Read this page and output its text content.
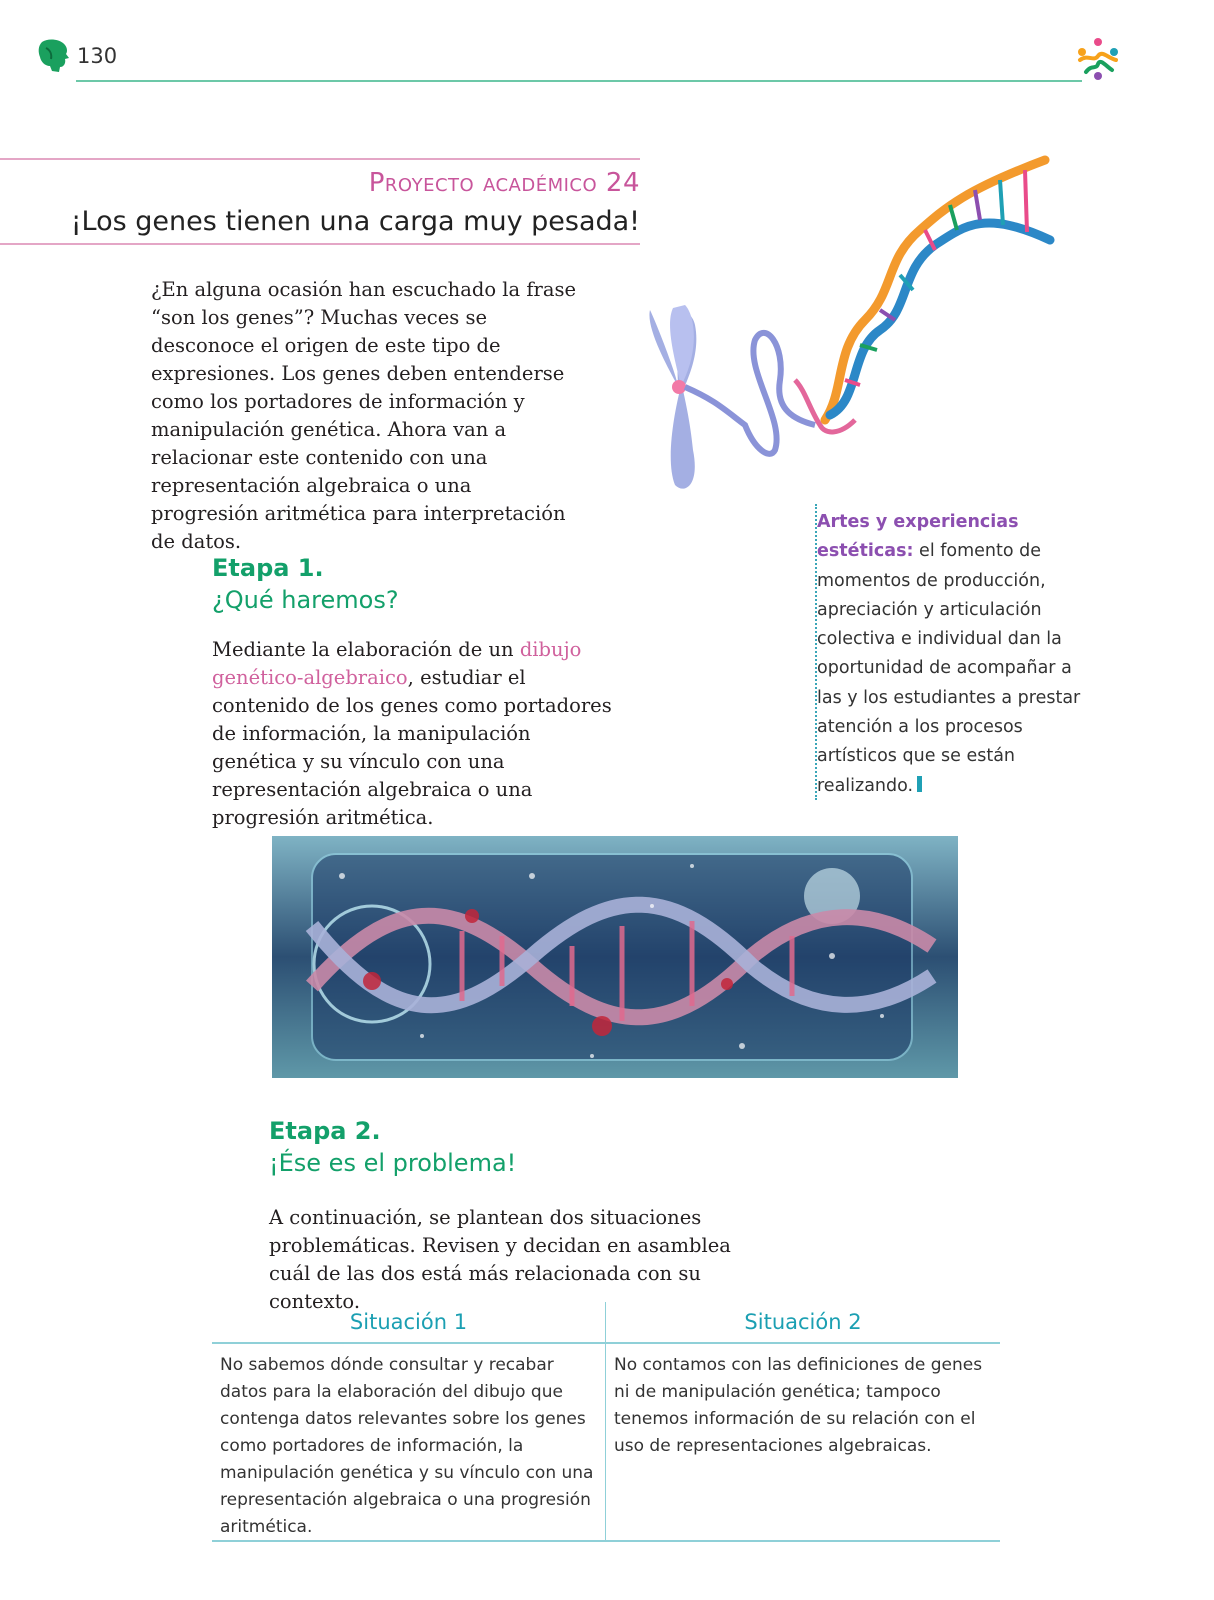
130
Proyecto académico 24
¡Los genes tienen una carga muy pesada!
¿En alguna ocasión han escuchado la frase “son los genes”? Muchas veces se desconoce el origen de este tipo de expresiones. Los genes deben entenderse como los portadores de información y manipulación genética. Ahora van a relacionar este contenido con una representación algebraica o una progresión aritmética para interpretación de datos.
Artes y experiencias estéticas: el fomento de momentos de producción, apreciación y articulación colectiva e individual dan la oportunidad de acompañar a las y los estudiantes a prestar atención a los procesos artísticos que se están realizando.
Etapa 1.
¿Qué haremos?
Mediante la elaboración de un dibujo genético-algebraico, estudiar el contenido de los genes como portadores de información, la manipulación genética y su vínculo con una representación algebraica o una progresión aritmética.
Etapa 2.
¡Ése es el problema!
A continuación, se plantean dos situaciones problemáticas. Revisen y decidan en asamblea cuál de las dos está más relacionada con su contexto.
Situación 1	Situación 2
No sabemos dónde consultar y recabar datos para la elaboración del dibujo que contenga datos relevantes sobre los genes como portadores de información, la manipulación genética y su vínculo con una representación algebraica o una progresión aritmética.
No contamos con las definiciones de genes ni de manipulación genética; tampoco tenemos información de su relación con el uso de representaciones algebraicas.
